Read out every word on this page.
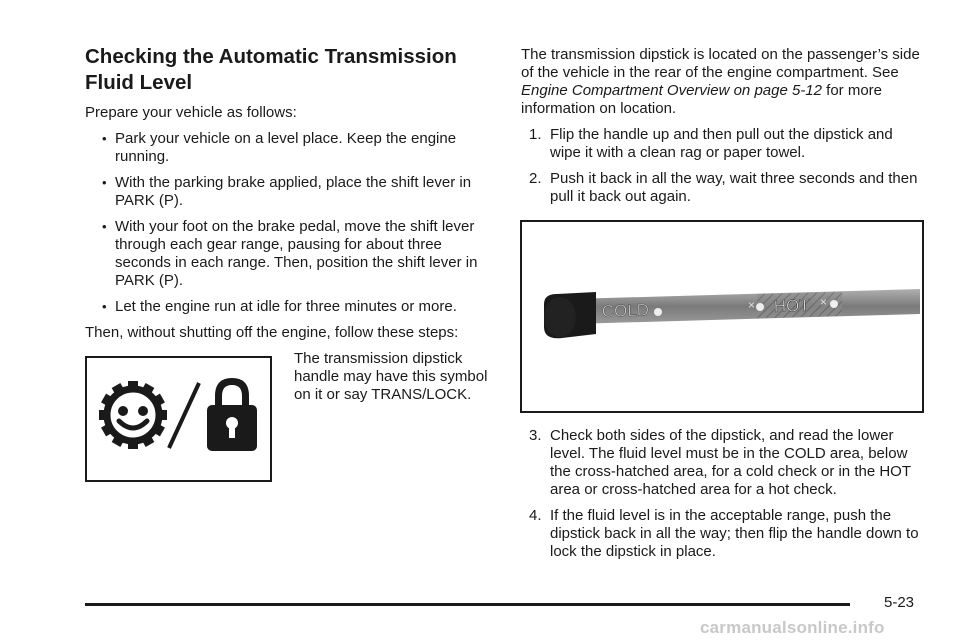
Checking the Automatic Transmission Fluid Level

Prepare your vehicle as follows:

• Park your vehicle on a level place. Keep the engine running.
• With the parking brake applied, place the shift lever in PARK (P).
• With your foot on the brake pedal, move the shift lever through each gear range, pausing for about three seconds in each range. Then, position the shift lever in PARK (P).
• Let the engine run at idle for three minutes or more.

Then, without shutting off the engine, follow these steps:

The transmission dipstick handle may have this symbol on it or say TRANS/LOCK.

The transmission dipstick is located on the passenger’s side of the vehicle in the rear of the engine compartment. See Engine Compartment Overview on page 5-12 for more information on location.

1. Flip the handle up and then pull out the dipstick and wipe it with a clean rag or paper towel.
2. Push it back in all the way, wait three seconds and then pull it back out again.
COLD	HOT
×	×
3. Check both sides of the dipstick, and read the lower level. The fluid level must be in the COLD area, below the cross-hatched area, for a cold check or in the HOT area or cross-hatched area for a hot check.
4. If the fluid level is in the acceptable range, push the dipstick back in all the way; then flip the handle down to lock the dipstick in place.
5-23
carmanualsonline.info
